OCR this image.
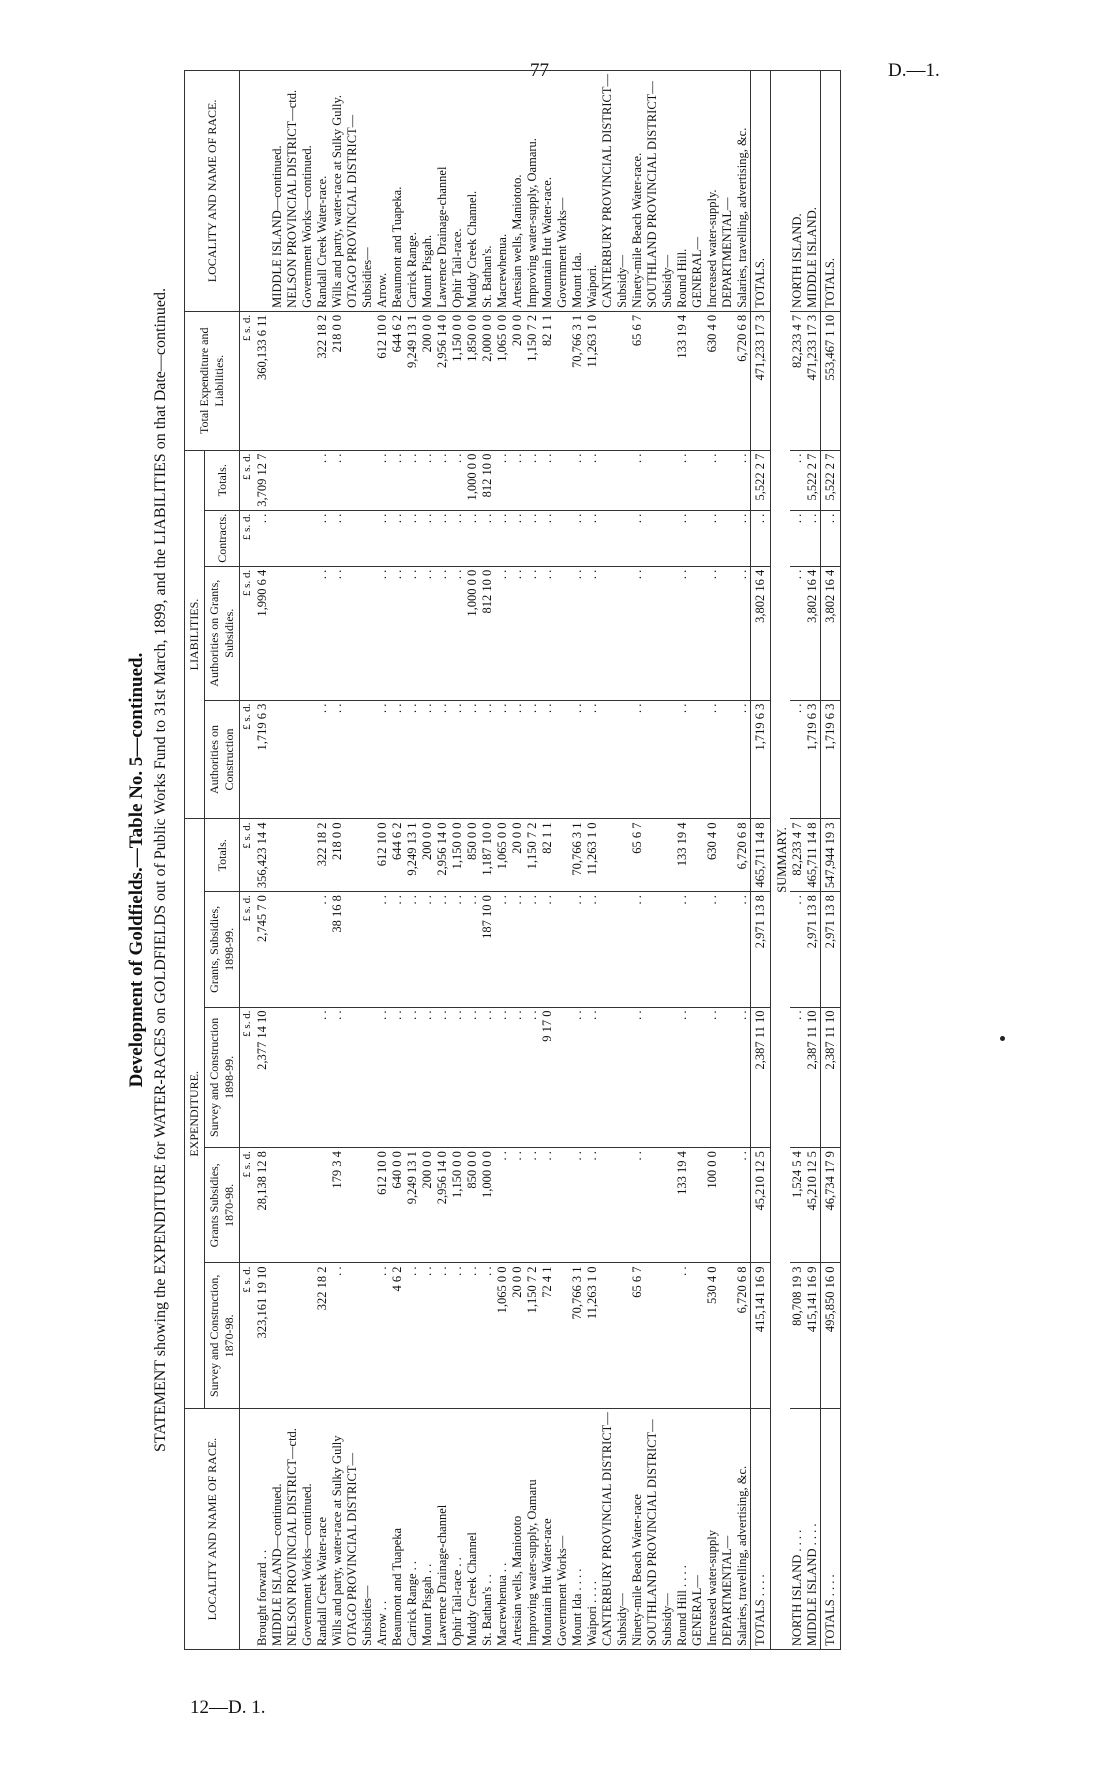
77	D.—1.
12—D. 1.
Development of Goldfields.—Table No. 5—continued. STATEMENT showing the EXPENDITURE for WATER-RACES on GOLDFIELDS out of Public Works Fund to 31st March, 1899, and the LIABILITIES on that Date—continued.
LOCALITY AND NAME OF RACE.	EXPENDITURE.					LIABILITIES.				Total Expenditure and Liabilities.	LOCALITY AND NAME OF RACE.
	Survey and Construction, 1870-98.	Grants Subsidies, 1870-98.	Survey and Construction 1898-99.	Grants, Subsidies, 1898-99.	Totals.	Authorities on Construction	Authorities on Grants, Subsidies.	Contracts.	Totals.		
	£ s. d.	£ s. d.	£ s. d.	£ s. d.	£ s. d.	£ s. d.	£ s. d.	£ s. d.	£ s. d.	£ s. d.	
Brought forward . .	323,161 19 10	28,138 12 8	2,377 14 10	2,745 7 0	356,423 14 4	1,719 6 3	1,990 6 4	. .	3,709 12 7	360,133 6 11	
MIDDLE ISLAND—continued.											MIDDLE ISLAND—continued.
NELSON PROVINCIAL DISTRICT—ctd.											NELSON PROVINCIAL DISTRICT—ctd.
Government Works—continued.											Government Works—continued.
Randall Creek Water-race	322 18 2		. .	. .	322 18 2	. .	. .	. .	. .	322 18 2	Randall Creek Water-race.
Wills and party, water-race at Sulky Gully	. .	179 3 4	. .	38 16 8	218 0 0	. .	. .	. .	. .	218 0 0	Wills and party, water-race at Sulky Gully.
OTAGO PROVINCIAL DISTRICT—											OTAGO PROVINCIAL DISTRICT—
Subsidies—											Subsidies—
Arrow . .	. .	612 10 0	. .	. .	612 10 0	. .	. .	. .	. .	612 10 0	Arrow.
Beaumont and Tuapeka	4 6 2	640 0 0	. .	. .	644 6 2	. .	. .	. .	. .	644 6 2	Beaumont and Tuapeka.
Carrick Range . .	. .	9,249 13 1	. .	. .	9,249 13 1	. .	. .	. .	. .	9,249 13 1	Carrick Range.
Mount Pisgah . .	. .	200 0 0	. .	. .	200 0 0	. .	. .	. .	. .	200 0 0	Mount Pisgah.
Lawrence Drainage-channel	. .	2,956 14 0	. .	. .	2,956 14 0	. .	. .	. .	. .	2,956 14 0	Lawrence Drainage-channel
Ophir Tail-race . .	. .	1,150 0 0	. .	. .	1,150 0 0	. .	. .	. .	. .	1,150 0 0	Ophir Tail-race.
Muddy Creek Channel	. .	850 0 0	. .	. .	850 0 0	. .	1,000 0 0	. .	1,000 0 0	1,850 0 0	Muddy Creek Channel.
St. Bathan's . .	. .	1,000 0 0	. .	187 10 0	1,187 10 0	. .	812 10 0	. .	812 10 0	2,000 0 0	St. Bathan's.
Macrewhenua . .	1,065 0 0	. .	. .	. .	1,065 0 0	. .	. .	. .	. .	1,065 0 0	Macrewhenua.
Artesian wells, Maniototo	20 0 0	. .	. .	. .	20 0 0	. .	. .	. .	. .	20 0 0	Artesian wells, Maniototo.
Improving water-supply, Oamaru	1,150 7 2	. .	. .	. .	1,150 7 2	. .	. .	. .	. .	1,150 7 2	Improving water-supply, Oamaru.
Mountain Hut Water-race	72 4 1	. .	9 17 0	. .	82 1 1	. .	. .	. .	. .	82 1 1	Mountain Hut Water-race.
Government Works—											Government Works—
Mount Ida . . . .	70,766 3 1	. .	. .	. .	70,766 3 1	. .	. .	. .	. .	70,766 3 1	Mount Ida.
Waipori . . . .	11,263 1 0	. .	. .	. .	11,263 1 0	. .	. .	. .	. .	11,263 1 0	Waipori.
CANTERBURY PROVINCIAL DISTRICT—											CANTERBURY PROVINCIAL DISTRICT—
Subsidy—											Subsidy—
Ninety-mile Beach Water-race	65 6 7	. .	. .	. .	65 6 7	. .	. .	. .	. .	65 6 7	Ninety-mile Beach Water-race.
SOUTHLAND PROVINCIAL DISTRICT—											SOUTHLAND PROVINCIAL DISTRICT—
Subsidy—											Subsidy—
Round Hill . . . .	. .	133 19 4	. .	. .	133 19 4	. .	. .	. .	. .	133 19 4	Round Hill.
GENERAL—											GENERAL—
Increased water-supply	530 4 0	100 0 0	. .	. .	630 4 0	. .	. .	. .	. .	630 4 0	Increased water-supply.
DEPARTMENTAL—											DEPARTMENTAL—
Salaries, travelling, advertising, &c.	6,720 6 8	. .	. .	. .	6,720 6 8	. .	. .	. .	. .	6,720 6 8	Salaries, travelling, advertising, &c.
TOTALS . . . .	415,141 16 9	45,210 12 5	2,387 11 10	2,971 13 8	465,711 14 8	1,719 6 3	3,802 16 4	. .	5,522 2 7	471,233 17 3	TOTALS.
SUMMARY.											
NORTH ISLAND . . . .	80,708 19 3	1,524 5 4	. .	. .	82,233 4 7	. .	. .	. .	. .	82,233 4 7	NORTH ISLAND.
MIDDLE ISLAND . . . .	415,141 16 9	45,210 12 5	2,387 11 10	2,971 13 8	465,711 14 8	1,719 6 3	3,802 16 4	. .	5,522 2 7	471,233 17 3	MIDDLE ISLAND.
TOTALS . . . .	495,850 16 0	46,734 17 9	2,387 11 10	2,971 13 8	547,944 19 3	1,719 6 3	3,802 16 4	. .	5,522 2 7	553,467 1 10	TOTALS.
